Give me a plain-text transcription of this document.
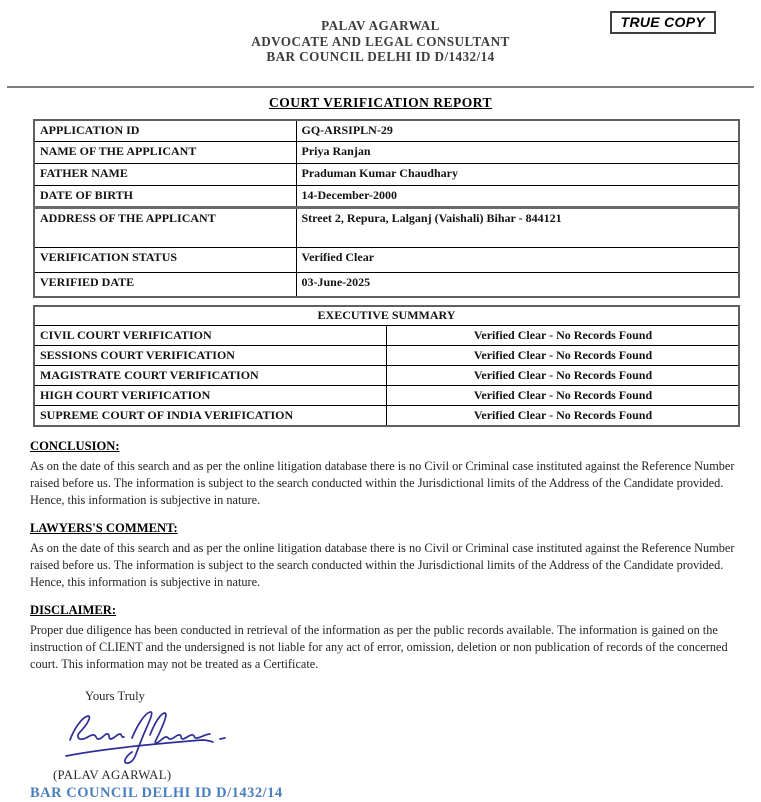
TRUE COPY
PALAV AGARWAL
ADVOCATE AND LEGAL CONSULTANT
BAR COUNCIL DELHI ID D/1432/14
COURT VERIFICATION REPORT
APPLICATION ID	GQ-ARSIPLN-29
NAME OF THE APPLICANT	Priya Ranjan
FATHER NAME	Praduman Kumar Chaudhary
DATE OF BIRTH	14-December-2000
ADDRESS OF THE APPLICANT	Street 2, Repura, Lalganj (Vaishali) Bihar - 844121
VERIFICATION STATUS	Verified Clear
VERIFIED DATE	03-June-2025
EXECUTIVE SUMMARY	
CIVIL COURT VERIFICATION	Verified Clear - No Records Found
SESSIONS COURT VERIFICATION	Verified Clear - No Records Found
MAGISTRATE COURT VERIFICATION	Verified Clear - No Records Found
HIGH COURT VERIFICATION	Verified Clear - No Records Found
SUPREME COURT OF INDIA VERIFICATION	Verified Clear - No Records Found
CONCLUSION:
As on the date of this search and as per the online litigation database there is no Civil or Criminal case instituted against the Reference Number raised before us. The information is subject to the search conducted within the Jurisdictional limits of the Address of the Candidate provided. Hence, this information is subjective in nature.
LAWYERS'S COMMENT:
As on the date of this search and as per the online litigation database there is no Civil or Criminal case instituted against the Reference Number raised before us. The information is subject to the search conducted within the Jurisdictional limits of the Address of the Candidate provided. Hence, this information is subjective in nature.
DISCLAIMER:
Proper due diligence has been conducted in retrieval of the information as per the public records available. The information is gained on the instruction of CLIENT and the undersigned is not liable for any act of error, omission, deletion or non publication of records of the concerned court. This information may not be treated as a Certificate.
Yours Truly
(PALAV AGARWAL)
BAR COUNCIL DELHI ID D/1432/14
